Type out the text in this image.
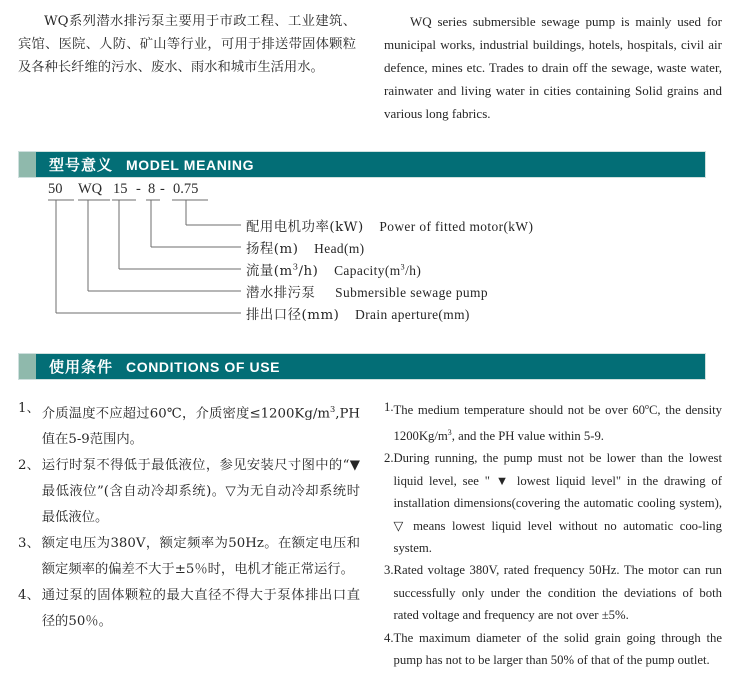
WQ系列潜水排污泵主要用于市政工程、工业建筑、宾馆、医院、人防、矿山等行业，可用于排送带固体颗粒及各种长纤维的污水、废水、雨水和城市生活用水。

WQ series submersible sewage pump is mainly used for municipal works, industrial buildings, hotels, hospitals, civil air defence, mines etc. Trades to drain off the sewage, waste water, rainwater and living water in cities containing Solid grains and various long fabrics.

型号意义 MODEL MEANING
50 WQ 15 - 8 - 0.75
配用电机功率(kW) Power of fitted motor(kW)
扬程(m) Head(m)
流量$(m^3/h)$ $Capacity(m^3/h)$
潜水排污泵 Submersible sewage pump
排出口径(mm) Drain aperture(mm)
使用条件 CONDITIONS OF USE
1、 介质温度不应超过60℃，介质密度$\le 1200Kg/m^3,PH$值在5-9范围内。
2、 运行时泵不得低于最低液位，参见安装尺寸图中的“▼最低液位”(含自动冷却系统)。▽为无自动冷却系统时最低液位。
3、 额定电压为380V，额定频率为50Hz。在额定电压和额定频率的偏差不大于±5％时，电机才能正常运行。
4、 通过泵的固体颗粒的最大直径不得大于泵体排出口直径的50％。
1. The medium temperature should not be over 60$^o$C, the density $1200Kg/m^3$, and the PH value within 5-9.
2. During running, the pump must not be lower than the lowest liquid level, see " ▼ lowest liquid level" in the drawing of installation dimensions(covering the automatic cooling system), ▽ means lowest liquid level without no automatic coo-ling system.
3. Rated voltage 380V, rated frequency 50Hz. The motor can run successfully only under the condition the deviations of both rated voltage and frequency are not over ±5%.
4. The maximum diameter of the solid grain going through the pump has not to be larger than 50% of that of the pump outlet.
